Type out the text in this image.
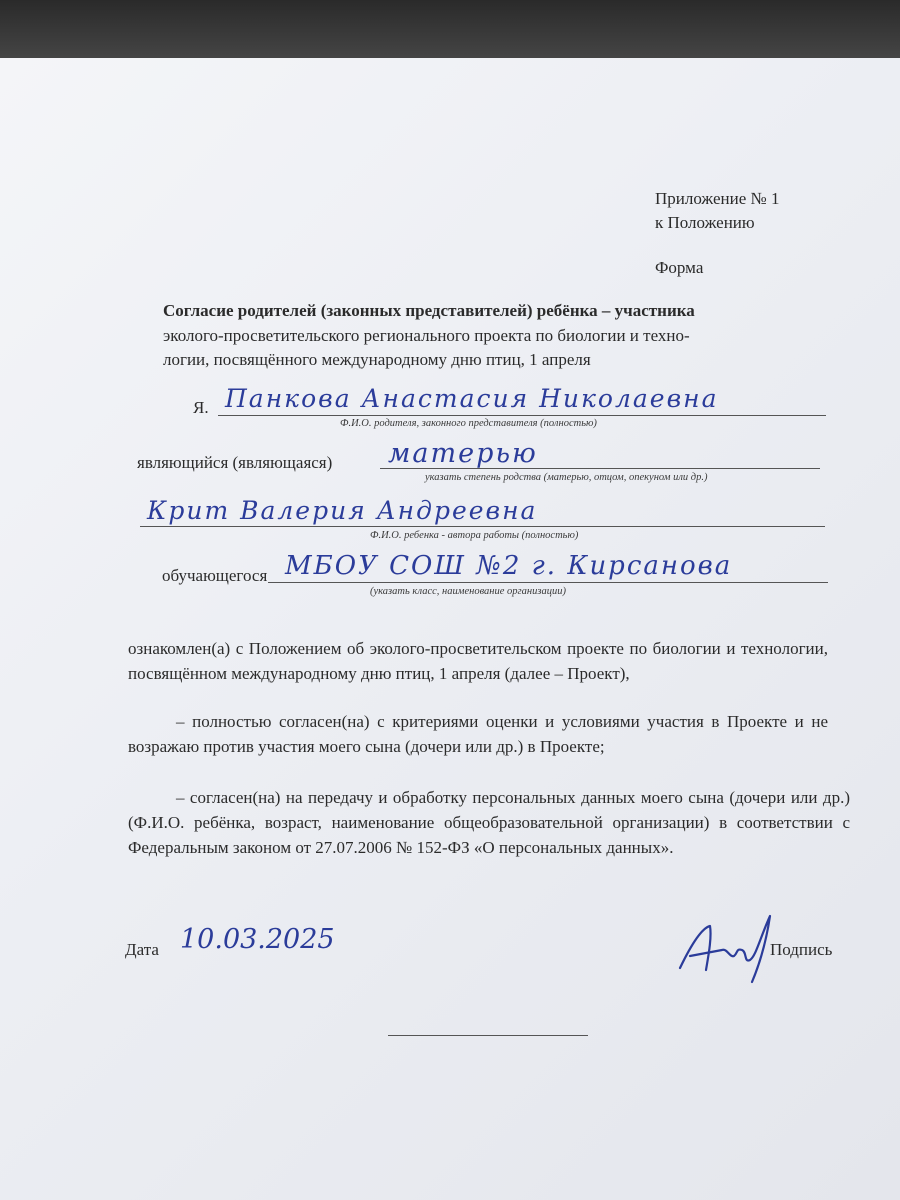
Приложение № 1
к Положению
Форма
Согласие родителей (законных представителей) ребёнка – участника
эколого-просветительского регионального проекта по биологии и техно-
логии, посвящённого международному дню птиц, 1 апреля
Я. Панкова Анастасия Николаевна
Ф.И.О. родителя, законного представителя (полностью)
являющийся (являющаяся) матерью
указать степень родства (матерью, отцом, опекуном или др.)
Крит Валерия Андреевна
Ф.И.О. ребенка - автора работы (полностью)
обучающегося МБОУ СОШ №2 г. Кирсанова
(указать класс, наименование организации)
ознакомлен(а) с Положением об эколого-просветительском проекте по биологии и технологии, посвящённом международному дню птиц, 1 апреля (далее – Проект),
– полностью согласен(на) с критериями оценки и условиями участия в Проекте и не возражаю против участия моего сына (дочери или др.) в Проекте;
– согласен(на) на передачу и обработку персональных данных моего сына (дочери или др.) (Ф.И.О. ребёнка, возраст, наименование общеобразовательной организации) в соответствии с Федеральным законом от 27.07.2006 № 152-ФЗ «О персональных данных».
Дата 10.03.2025	Подпись
